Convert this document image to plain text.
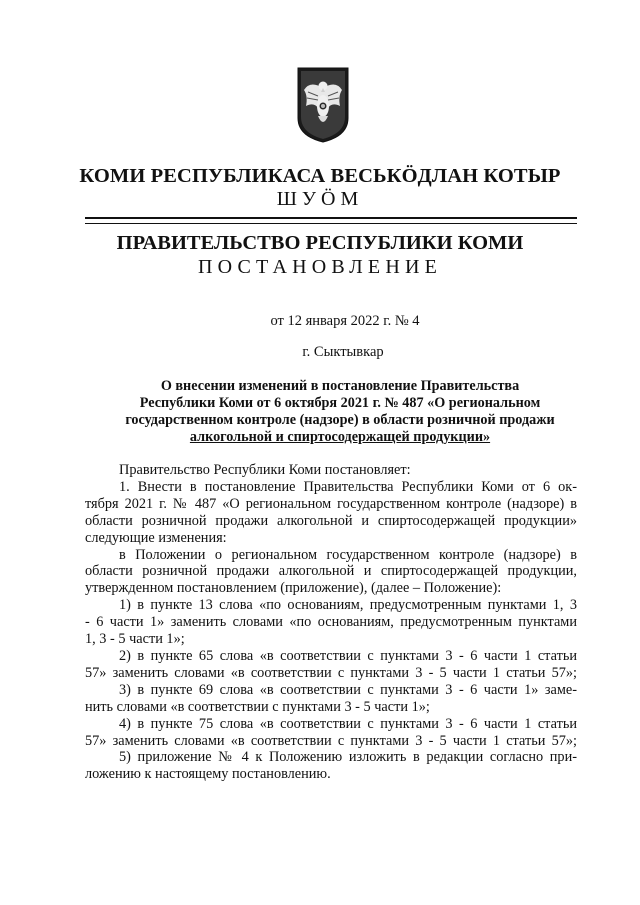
КОМИ РЕСПУБЛИКАСА ВЕСЬКӦДЛАН КОТЫР
ШУӦМ
ПРАВИТЕЛЬСТВО РЕСПУБЛИКИ КОМИ
ПОСТАНОВЛЕНИЕ
от 12 января 2022 г. № 4
г. Сыктывкар
О внесении изменений в постановление Правительства
Республики Коми от 6 октября 2021 г. № 487 «О региональном
государственном контроле (надзоре) в области розничной продажи
алкогольной и спиртосодержащей продукции»
Правительство Республики Коми постановляет:
1. Внести в постановление Правительства Республики Коми от 6 ок-
тября 2021 г. № 487 «О региональном государственном контроле (надзоре) в
области розничной продажи алкогольной и спиртосодержащей продукции»
следующие изменения:
в Положении о региональном государственном контроле (надзоре) в
области розничной продажи алкогольной и спиртосодержащей продукции,
утвержденном постановлением (приложение), (далее – Положение):
1) в пункте 13 слова «по основаниям, предусмотренным пунктами 1, 3
- 6 части 1» заменить словами «по основаниям, предусмотренным пунктами
1, 3 - 5 части 1»;
2) в пункте 65 слова «в соответствии с пунктами 3 - 6 части 1 статьи
57» заменить словами «в соответствии с пунктами 3 - 5 части 1 статьи 57»;
3) в пункте 69 слова «в соответствии с пунктами 3 - 6 части 1» заме-
нить словами «в соответствии с пунктами 3 - 5 части 1»;
4) в пункте 75 слова «в соответствии с пунктами 3 - 6 части 1 статьи
57» заменить словами «в соответствии с пунктами 3 - 5 части 1 статьи 57»;
5) приложение № 4 к Положению изложить в редакции согласно при-
ложению к настоящему постановлению.
